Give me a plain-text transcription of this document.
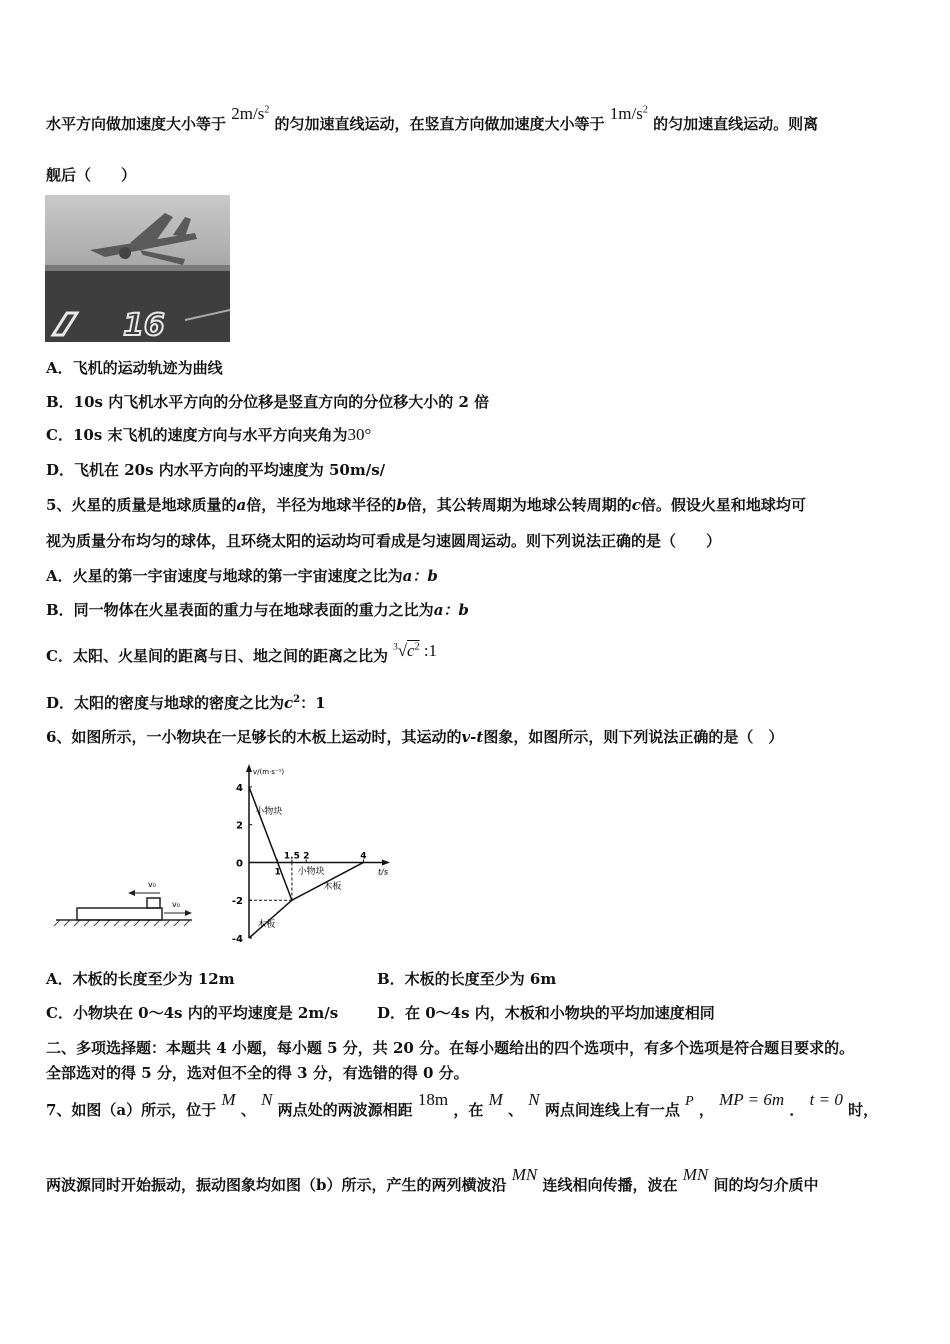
水平方向做加速度大小等于 $2m/s^2$ 的匀加速直线运动，在竖直方向做加速度大小等于 $1m/s^2$ 的匀加速直线运动。则离
舰后（　　）
16
A．飞机的运动轨迹为曲线
B．10s 内飞机水平方向的分位移是竖直方向的分位移大小的 2 倍
C．10s 末飞机的速度方向与水平方向夹角为30°
D．飞机在 20s 内水平方向的平均速度为 50m/s/
5、火星的质量是地球质量的a倍，半径为地球半径的b倍，其公转周期为地球公转周期的c倍。假设火星和地球均可
视为质量分布均匀的球体，且环绕太阳的运动均可看成是匀速圆周运动。则下列说法正确的是（　　）
A．火星的第一宇宙速度与地球的第一宇宙速度之比为a：b
B．同一物体在火星表面的重力与在地球表面的重力之比为a：b
C．太阳、火星间的距离与日、地之间的距离之比为 $^3√c^2$ :1
D．太阳的密度与地球的密度之比为$c^2$：1
6、如图所示，一小物块在一足够长的木板上运动时，其运动的v-t图象，如图所示，则下列说法正确的是（　）
v₀
v₀
v/(m·s⁻¹)
t/s
4
2
0
-2
-4
1
1.5 2	4
小物块
小物块
木板
木板
A．木板的长度至少为 12m	B．木板的长度至少为 6m
C．小物块在 0～4s 内的平均速度是 2m/s	D．在 0～4s 内，木板和小物块的平均加速度相同
二、多项选择题：本题共 4 小题，每小题 5 分，共 20 分。在每小题给出的四个选项中，有多个选项是符合题目要求的。
全部选对的得 5 分，选对但不全的得 3 分，有选错的得 0 分。
7、如图（a）所示，位于 M 、 N 两点处的两波源相距 18m ，在 M 、 N 两点间连线上有一点 P ， MP = 6m ． t = 0 时，
两波源同时开始振动，振动图象均如图（b）所示，产生的两列横波沿 MN 连线相向传播，波在 MN 间的均匀介质中
